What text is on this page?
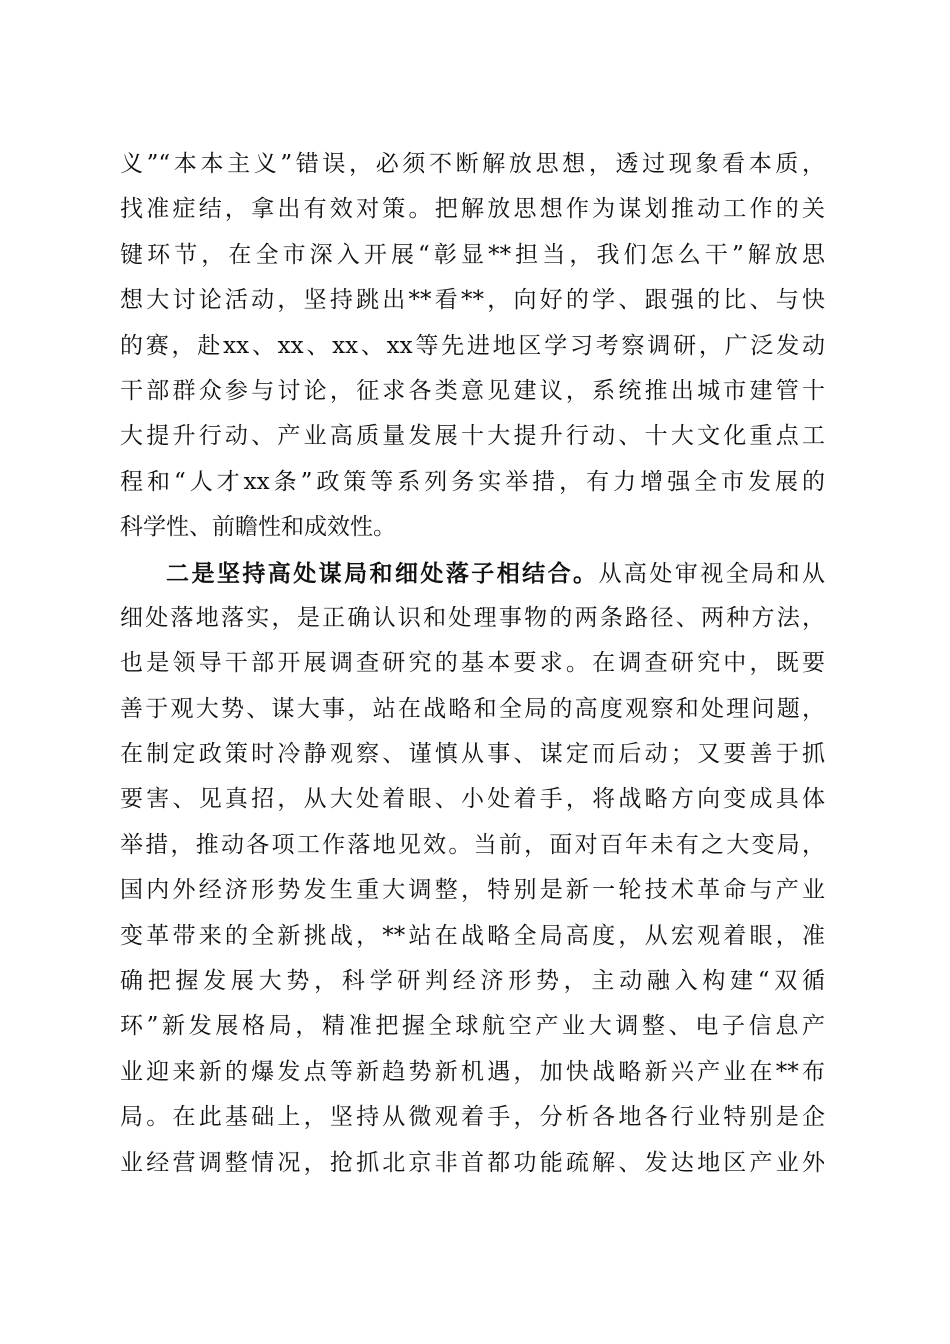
义”“本本主义”错误，必须不断解放思想，透过现象看本质，
找准症结，拿出有效对策。把解放思想作为谋划推动工作的关
键环节，在全市深入开展“彰显**担当，我们怎么干”解放思
想大讨论活动，坚持跳出**看**，向好的学、跟强的比、与快
的赛，赴xx、xx、xx、xx等先进地区学习考察调研，广泛发动
干部群众参与讨论，征求各类意见建议，系统推出城市建管十
大提升行动、产业高质量发展十大提升行动、十大文化重点工
程和“人才xx条”政策等系列务实举措，有力增强全市发展的
科学性、前瞻性和成效性。
二是坚持高处谋局和细处落子相结合。从高处审视全局和从
细处落地落实，是正确认识和处理事物的两条路径、两种方法，
也是领导干部开展调查研究的基本要求。在调查研究中，既要
善于观大势、谋大事，站在战略和全局的高度观察和处理问题，
在制定政策时冷静观察、谨慎从事、谋定而后动；又要善于抓
要害、见真招，从大处着眼、小处着手，将战略方向变成具体
举措，推动各项工作落地见效。当前，面对百年未有之大变局，
国内外经济形势发生重大调整，特别是新一轮技术革命与产业
变革带来的全新挑战，**站在战略全局高度，从宏观着眼，准
确把握发展大势，科学研判经济形势，主动融入构建“双循
环”新发展格局，精准把握全球航空产业大调整、电子信息产
业迎来新的爆发点等新趋势新机遇，加快战略新兴产业在**布
局。在此基础上，坚持从微观着手，分析各地各行业特别是企
业经营调整情况，抢抓北京非首都功能疏解、发达地区产业外
